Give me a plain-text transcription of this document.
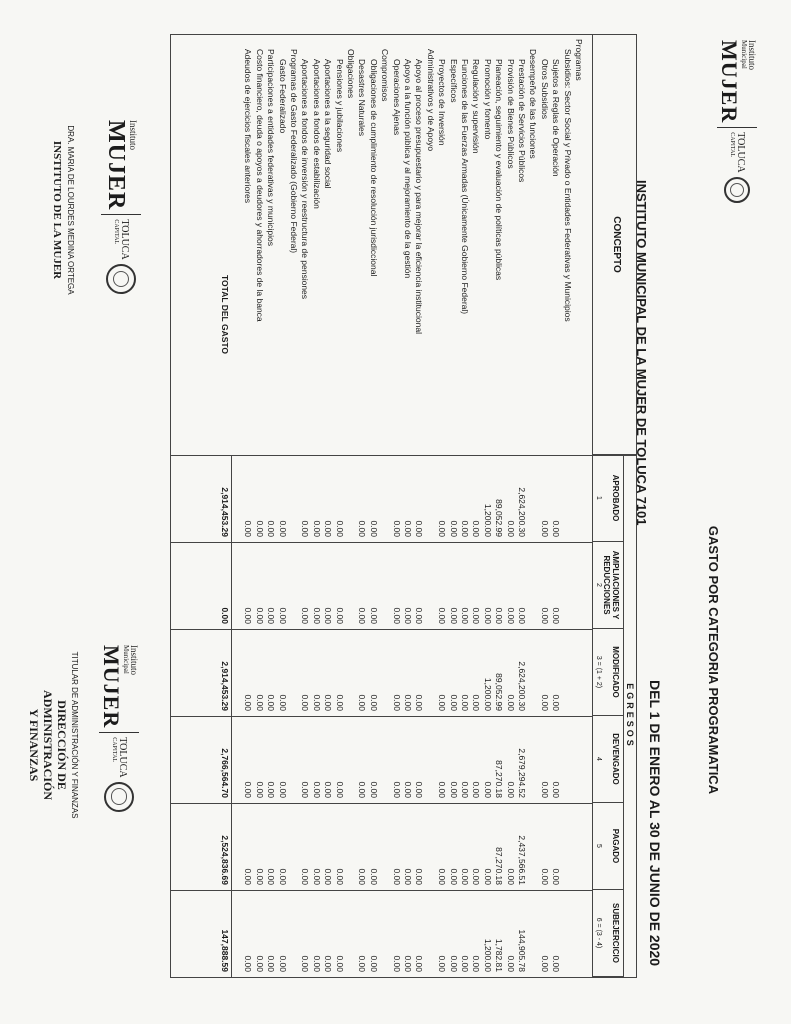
Instituto
Municipal
MUJER
TOLUCA
CAPITAL
INSTITUTO MUNICIPAL DE LA MUJER DE TOLUCA 7101
GASTO POR CATEGORIA PROGRAMATICA
DEL 1 DE ENERO AL 30 DE JUNIO DE 2020
CONCEPTO
EGRESOS
APROBADO
1
AMPLIACIONES Y REDUCCIONES
2
MODIFICADO
3 = (1 + 2)
DEVENGADO
4
PAGADO
5
SUBEJERCICIO
6 = (3 - 4)
Programas
Subsidios: Sector Social y Privado o Entidades Federativas y Municipios
Sujetos a Reglas de Operación
0.00
0.00
0.00
0.00
0.00
0.00
Otros Subsidios
0.00
0.00
0.00
0.00
0.00
0.00
Desempeño de las funciones
Prestación de Servicios Públicos
2,624,200.30
0.00
2,624,200.30
2,679,294.52
2,437,566.51
144,905.78
Provisión de Bienes Públicos
0.00
0.00
0.00
0.00
0.00
0.00
Planeación, seguimiento y evaluación de políticas públicas
89,052.99
0.00
89,052.99
87,270.18
87,270.18
1,782.81
Promoción y fomento
1,200.00
0.00
1,200.00
0.00
0.00
1,200.00
Regulación y supervisión
0.00
0.00
0.00
0.00
0.00
0.00
Funciones de las Fuerzas Armadas (Únicamente Gobierno Federal)
0.00
0.00
0.00
0.00
0.00
0.00
Específicos
0.00
0.00
0.00
0.00
0.00
0.00
Proyectos de Inversión
0.00
0.00
0.00
0.00
0.00
0.00
Administrativos y de Apoyo
Apoyo al proceso presupuestario y para mejorar la eficiencia institucional
0.00
0.00
0.00
0.00
0.00
0.00
Apoyo a la función pública y al mejoramiento de la gestión
0.00
0.00
0.00
0.00
0.00
0.00
Operaciones Ajenas
0.00
0.00
0.00
0.00
0.00
0.00
Compromisos
Obligaciones de cumplimiento de resolución jurisdiccional
0.00
0.00
0.00
0.00
0.00
0.00
Desastres Naturales
0.00
0.00
0.00
0.00
0.00
0.00
Obligaciones
Pensiones y jubilaciones
0.00
0.00
0.00
0.00
0.00
0.00
Aportaciones a la seguridad social
0.00
0.00
0.00
0.00
0.00
0.00
Aportaciones a fondos de estabilización
0.00
0.00
0.00
0.00
0.00
0.00
Aportaciones a fondos de inversión y reestructura de pensiones
0.00
0.00
0.00
0.00
0.00
0.00
Programas de Gasto Federalizado (Gobierno Federal)
Gasto Federalizado
0.00
0.00
0.00
0.00
0.00
0.00
Participaciones a entidades federativas y municipios
0.00
0.00
0.00
0.00
0.00
0.00
Costo financiero, deuda o apoyos a deudores y ahorradores de la banca
0.00
0.00
0.00
0.00
0.00
0.00
Adeudos de ejercicios fiscales anteriores
0.00
0.00
0.00
0.00
0.00
0.00
TOTAL DEL GASTO
2,914,453.29
0.00
2,914,453.29
2,766,564.70
2,524,836.69
147,888.59
Instituto
MUJER
TOLUCA
CAPITAL
DRA. MARIA DE LOURDES MEDINA ORTEGA
INSTITUTO DE LA MUJER
Instituto
Municipal
MUJER
TOLUCA
CAPITAL
TITULAR DE ADMINISTRACIÓN Y FINANZAS
DIRECCIÓN DE
ADMINISTRACIÓN
Y FINANZAS
